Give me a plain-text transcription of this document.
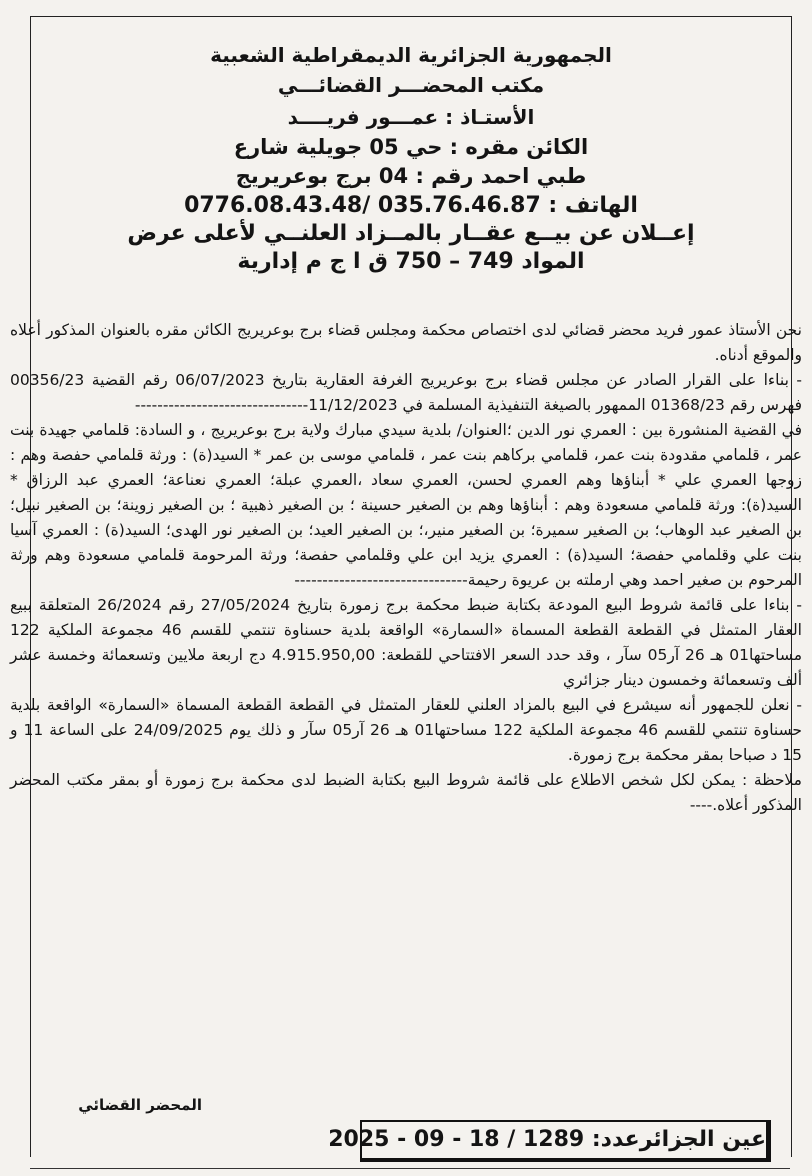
الجمهورية الجزائرية الديمقراطية الشعبية
مكتب المحضـــر القضائـــي
الأستـاذ : عمـــور فريــــد
الكائن مقره : حي 05 جويلية شارع
طبي احمد رقم : 04 برج بوعريريج
الهاتف : 035.76.46.87 /0776.08.43.48
إعــلان عن بيــع عقــار بالمــزاد العلنــي لأعلى عرض
المواد 749 – 750 ق ا ج م إدارية

نحن الأستاذ عمور فريد محضر قضائي لدى اختصاص محكمة ومجلس قضاء برج بوعريريج الكائن مقره بالعنوان المذكور أعلاه والموقع أدناه.

- بناءا على القرار الصادر عن مجلس قضاء برج بوعريريج الغرفة العقارية بتاريخ 06/07/2023 رقم القضية 00356/23 فهرس رقم 01368/23 الممهور بالصيغة التنفيذية المسلمة في 11/12/2023-------------------------------

في القضية المنشورة بين : العمري نور الدين ؛العنوان/ بلدية سيدي مبارك ولاية برج بوعريريج ، و السادة: قلمامي جهيدة بنت عمر ، قلمامي مقدودة بنت عمر، قلمامي بركاهم بنت عمر ، قلمامي موسى بن عمر * السيد(ة) : ورثة قلمامي حفصة وهم : زوجها العمري علي * أبناؤها وهم العمري لحسن، العمري سعاد ،العمري عبلة؛ العمري نعناعة؛ العمري عبد الرزاق * السيد(ة): ورثة قلمامي مسعودة وهم : أبناؤها وهم بن الصغير حسينة ؛ بن الصغير ذهبية ؛ بن الصغير زوينة؛ بن الصغير نبيل؛ بن الصغير عبد الوهاب؛ بن الصغير سميرة؛ بن الصغير منير،؛ بن الصغير العيد؛ بن الصغير نور الهدى؛ السيد(ة) : العمري آسيا بنت علي وقلمامي حفصة؛ السيد(ة) : العمري يزيد ابن علي وقلمامي حفصة؛ ورثة المرحومة قلمامي مسعودة وهم ورثة المرحوم بن صغير احمد وهي ارملته بن عريوة رحيمة-------------------------------

- بناءا على قائمة شروط البيع المودعة بكتابة ضبط محكمة برج زمورة بتاريخ 27/05/2024 رقم 26/2024 المتعلقة ببيع العقار المتمثل في القطعة القطعة المسماة «السمارة» الواقعة بلدية حسناوة تنتمي للقسم 46 مجموعة الملكية 122 مساحتها01 هـ 26 آر05 سآر ، وقد حدد السعر الافتتاحي للقطعة: 4.915.950,00 دج اربعة ملايين وتسعمائة وخمسة عشر ألف وتسعمائة وخمسون دينار جزائري

- نعلن للجمهور أنه سيشرع في البيع بالمزاد العلني للعقار المتمثل في القطعة القطعة المسماة «السمارة» الواقعة بلدية حسناوة تنتمي للقسم 46 مجموعة الملكية 122 مساحتها01 هـ 26 آر05 سآر و ذلك يوم 24/09/2025 على الساعة 11 و 15 د صباحا بمقر محكمة برج زمورة.

ملاحظة : يمكن لكل شخص الاطلاع على قائمة شروط البيع بكتابة الضبط لدى محكمة برج زمورة أو بمقر مكتب المحضر المذكور أعلاه.----

المحضر القضائي
عين الجزائرعدد: 1289 / 18 - 09 - 2025
